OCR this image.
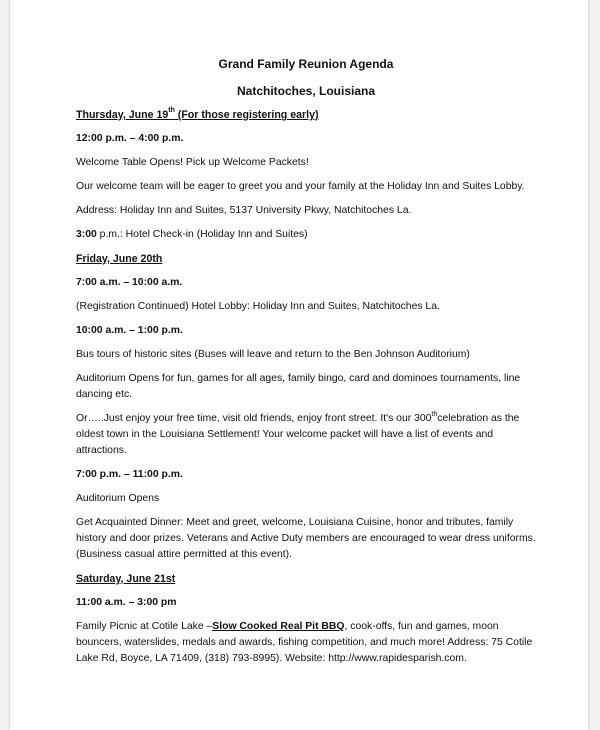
Grand Family Reunion Agenda
Natchitoches, Louisiana
Thursday, June 19th (For those registering early)
12:00 p.m. – 4:00 p.m.
Welcome Table Opens! Pick up Welcome Packets!
Our welcome team will be eager to greet you and your family at the Holiday Inn and Suites Lobby.
Address: Holiday Inn and Suites, 5137 University Pkwy, Natchitoches La.
3:00 p.m.: Hotel Check-in (Holiday Inn and Suites)
Friday, June 20th
7:00 a.m. – 10:00 a.m.
(Registration Continued) Hotel Lobby: Holiday Inn and Suites, Natchitoches La.
10:00 a.m. – 1:00 p.m.
Bus tours of historic sites (Buses will leave and return to the Ben Johnson Auditorium)
Auditorium Opens for fun, games for all ages, family bingo, card and dominoes tournaments, line dancing etc.
Or…..Just enjoy your free time, visit old friends, enjoy front street. It's our 300thcelebration as the oldest town in the Louisiana Settlement! Your welcome packet will have a list of events and attractions.
7:00 p.m. – 11:00 p.m.
Auditorium Opens
Get Acquainted Dinner: Meet and greet, welcome, Louisiana Cuisine, honor and tributes, family history and door prizes. Veterans and Active Duty members are encouraged to wear dress uniforms. (Business casual attire permitted at this event).
Saturday, June 21st
11:00 a.m. – 3:00 pm
Family Picnic at Cotile Lake –Slow Cooked Real Pit BBQ, cook-offs, fun and games, moon bouncers, waterslides, medals and awards, fishing competition, and much more! Address: 75 Cotile Lake Rd, Boyce, LA 71409, (318) 793-8995). Website: http://www.rapidesparish.com.
